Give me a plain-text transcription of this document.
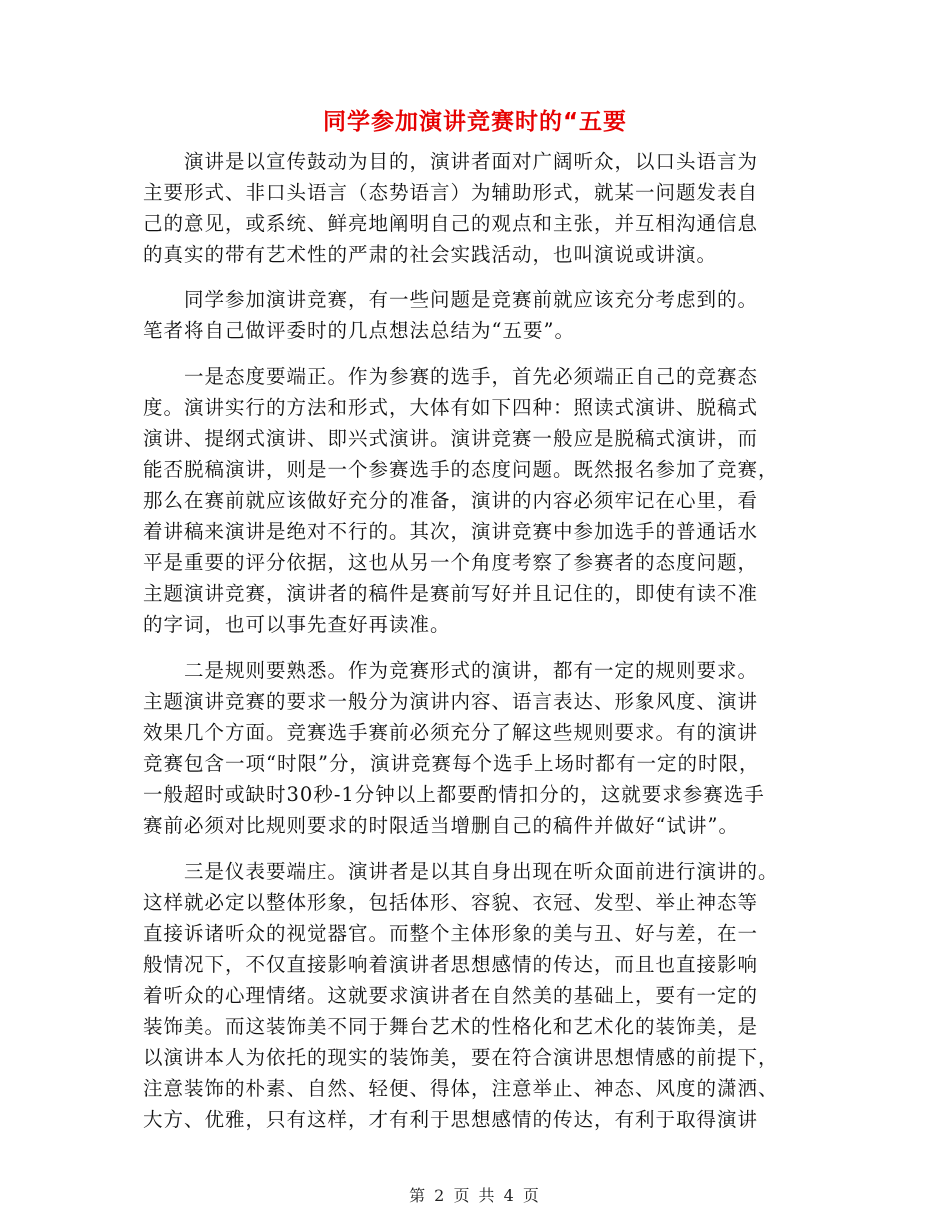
同学参加演讲竞赛时的“五要
　　演讲是以宣传鼓动为目的，演讲者面对广阔听众，以口头语言为
主要形式、非口头语言（态势语言）为辅助形式，就某一问题发表自
己的意见，或系统、鲜亮地阐明自己的观点和主张，并互相沟通信息
的真实的带有艺术性的严肃的社会实践活动，也叫演说或讲演。
　　同学参加演讲竞赛，有一些问题是竞赛前就应该充分考虑到的。
笔者将自己做评委时的几点想法总结为“五要”。
　　一是态度要端正。作为参赛的选手，首先必须端正自己的竞赛态
度。演讲实行的方法和形式，大体有如下四种：照读式演讲、脱稿式
演讲、提纲式演讲、即兴式演讲。演讲竞赛一般应是脱稿式演讲，而
能否脱稿演讲，则是一个参赛选手的态度问题。既然报名参加了竞赛，
那么在赛前就应该做好充分的准备，演讲的内容必须牢记在心里，看
着讲稿来演讲是绝对不行的。其次，演讲竞赛中参加选手的普通话水
平是重要的评分依据，这也从另一个角度考察了参赛者的态度问题，
主题演讲竞赛，演讲者的稿件是赛前写好并且记住的，即使有读不准
的字词，也可以事先查好再读准。
　　二是规则要熟悉。作为竞赛形式的演讲，都有一定的规则要求。
主题演讲竞赛的要求一般分为演讲内容、语言表达、形象风度、演讲
效果几个方面。竞赛选手赛前必须充分了解这些规则要求。有的演讲
竞赛包含一项“时限”分，演讲竞赛每个选手上场时都有一定的时限，
一般超时或缺时30秒-1分钟以上都要酌情扣分的，这就要求参赛选手
赛前必须对比规则要求的时限适当增删自己的稿件并做好“试讲”。
　　三是仪表要端庄。演讲者是以其自身出现在听众面前进行演讲的。
这样就必定以整体形象，包括体形、容貌、衣冠、发型、举止神态等
直接诉诸听众的视觉器官。而整个主体形象的美与丑、好与差，在一
般情况下，不仅直接影响着演讲者思想感情的传达，而且也直接影响
着听众的心理情绪。这就要求演讲者在自然美的基础上，要有一定的
装饰美。而这装饰美不同于舞台艺术的性格化和艺术化的装饰美，是
以演讲本人为依托的现实的装饰美，要在符合演讲思想情感的前提下，
注意装饰的朴素、自然、轻便、得体，注意举止、神态、风度的潇洒、
大方、优雅，只有这样，才有利于思想感情的传达，有利于取得演讲
第 2 页 共 4 页
